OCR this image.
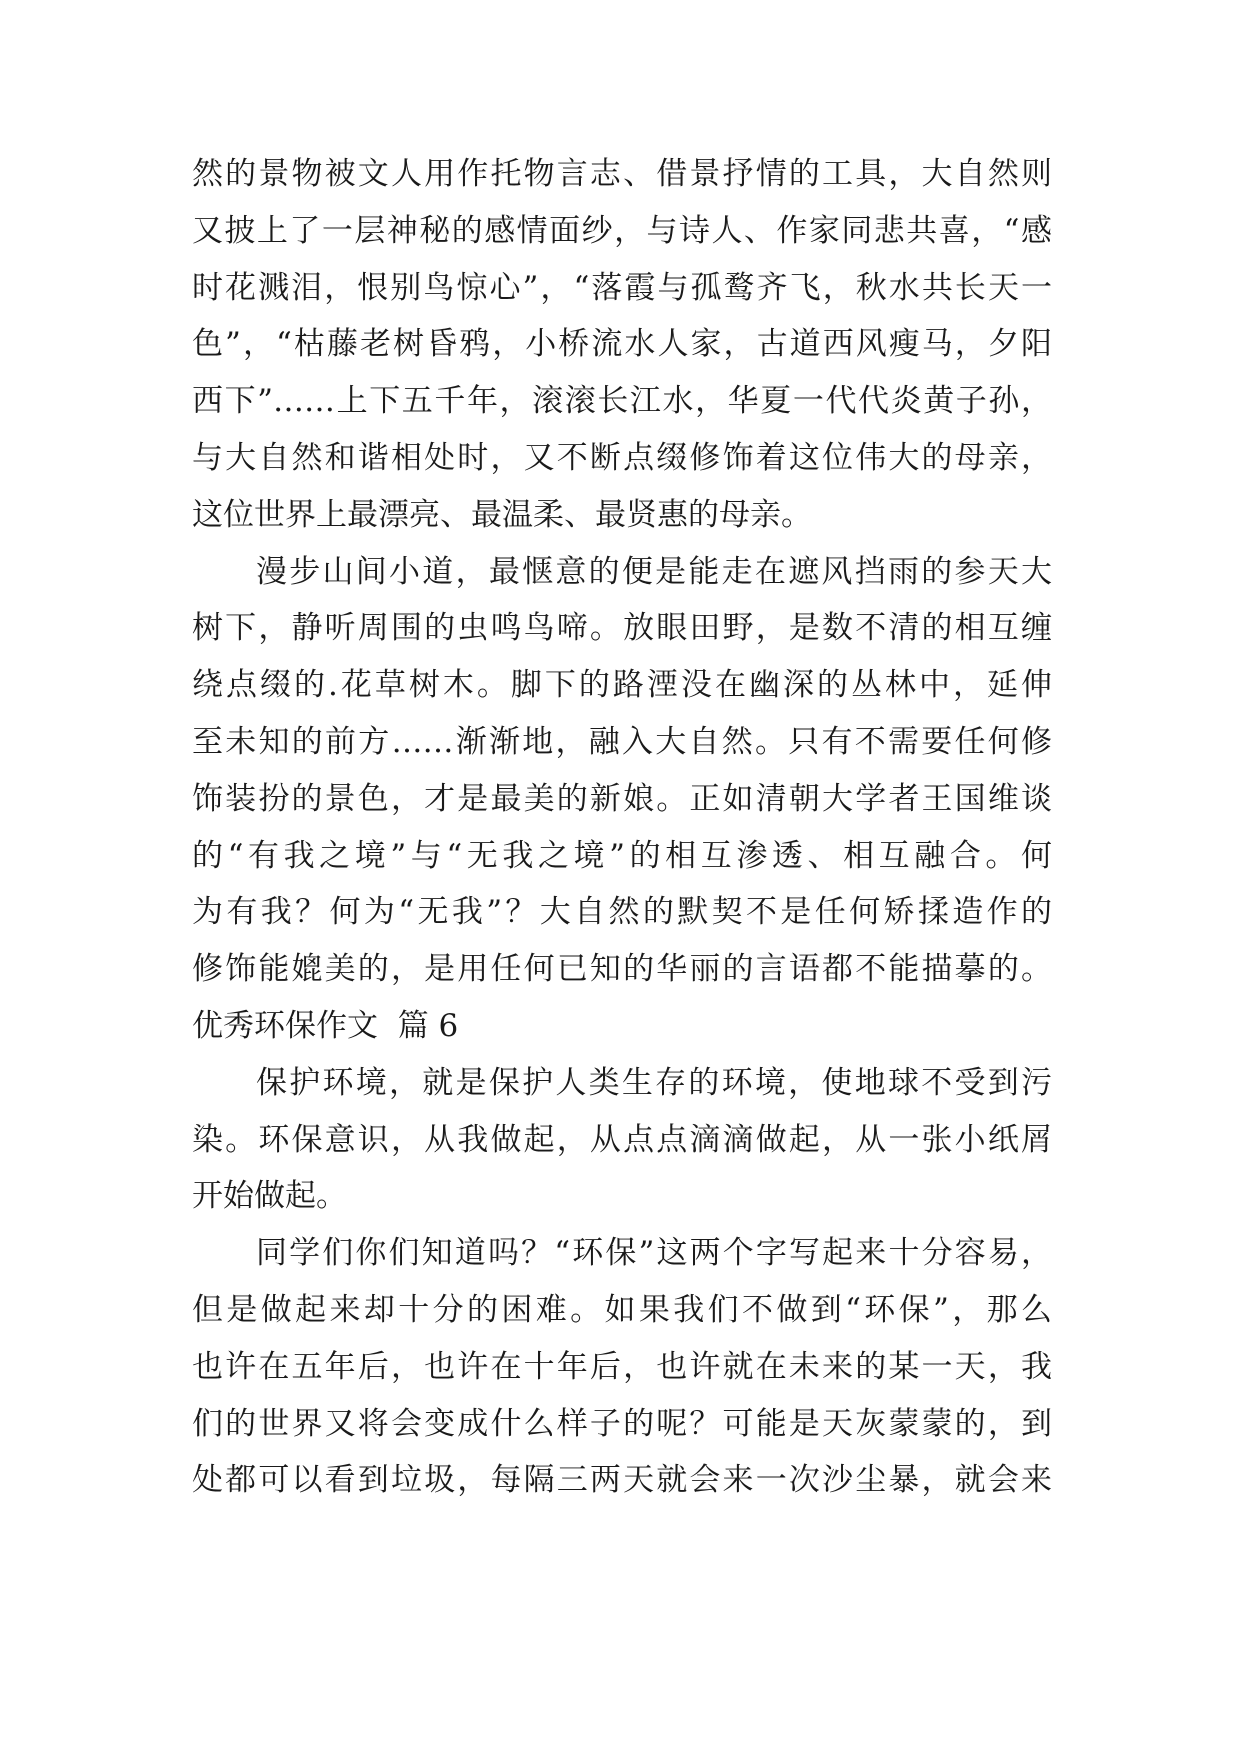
然的景物被文人用作托物言志、借景抒情的工具，大自然则
又披上了一层神秘的感情面纱，与诗人、作家同悲共喜，“感
时花溅泪，恨别鸟惊心”，“落霞与孤鹜齐飞，秋水共长天一
色”，“枯藤老树昏鸦，小桥流水人家，古道西风瘦马，夕阳
西下”……上下五千年，滚滚长江水，华夏一代代炎黄子孙，
与大自然和谐相处时，又不断点缀修饰着这位伟大的母亲，
这位世界上最漂亮、最温柔、最贤惠的母亲。
漫步山间小道，最惬意的便是能走在遮风挡雨的参天大
树下，静听周围的虫鸣鸟啼。放眼田野，是数不清的相互缠
绕点缀的.花草树木。脚下的路湮没在幽深的丛林中，延伸
至未知的前方……渐渐地，融入大自然。只有不需要任何修
饰装扮的景色，才是最美的新娘。正如清朝大学者王国维谈
的“有我之境”与“无我之境”的相互渗透、相互融合。何
为有我？何为“无我”？大自然的默契不是任何矫揉造作的
修饰能媲美的，是用任何已知的华丽的言语都不能描摹的。
优秀环保作文  篇 6
保护环境，就是保护人类生存的环境，使地球不受到污
染。环保意识，从我做起，从点点滴滴做起，从一张小纸屑
开始做起。
同学们你们知道吗？“环保”这两个字写起来十分容易，
但是做起来却十分的困难。如果我们不做到“环保”，那么
也许在五年后，也许在十年后，也许就在未来的某一天，我
们的世界又将会变成什么样子的呢？可能是天灰蒙蒙的，到
处都可以看到垃圾，每隔三两天就会来一次沙尘暴，就会来
